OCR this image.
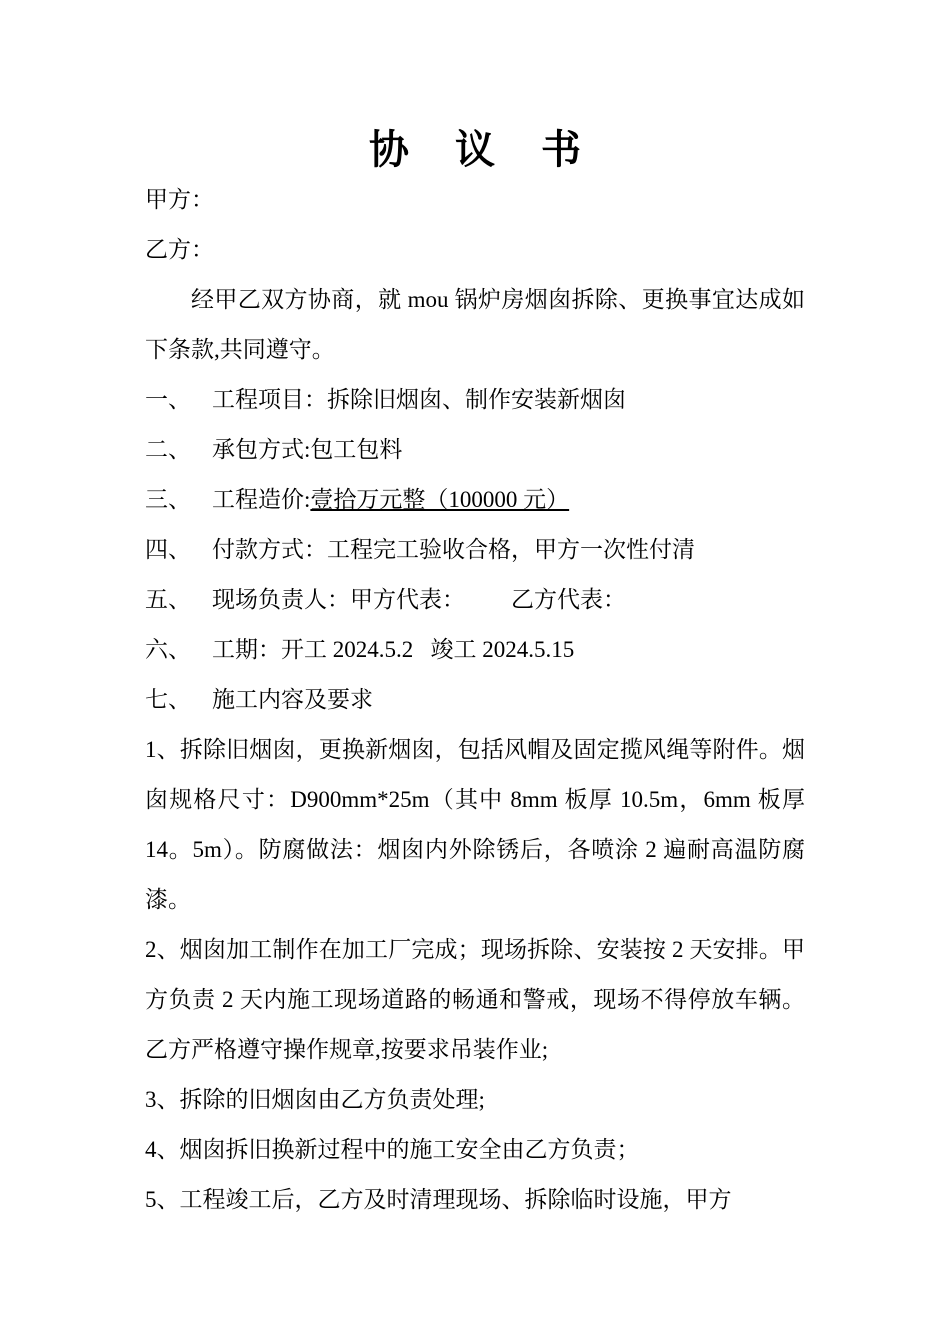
协 议 书

甲方：

乙方：

经甲乙双方协商，就 mou 锅炉房烟囱拆除、更换事宜达成如下条款,共同遵守。

一、 工程项目：拆除旧烟囱、制作安装新烟囱
二、 承包方式:包工包料
三、 工程造价:壹拾万元整（100000 元）
四、 付款方式：工程完工验收合格，甲方一次性付清
五、 现场负责人：甲方代表： 乙方代表：
六、 工期：开工 2024.5.2   竣工 2024.5.15
七、 施工内容及要求

1、拆除旧烟囱，更换新烟囱，包括风帽及固定揽风绳等附件。烟囱规格尺寸：D900mm*25m（其中 8mm 板厚 10.5m，6mm 板厚 14。5m）。防腐做法：烟囱内外除锈后，各喷涂 2 遍耐高温防腐漆。

2、烟囱加工制作在加工厂完成；现场拆除、安装按 2 天安排。甲方负责 2 天内施工现场道路的畅通和警戒，现场不得停放车辆。乙方严格遵守操作规章,按要求吊装作业;

3、拆除的旧烟囱由乙方负责处理;

4、烟囱拆旧换新过程中的施工安全由乙方负责；

5、工程竣工后，乙方及时清理现场、拆除临时设施，甲方
